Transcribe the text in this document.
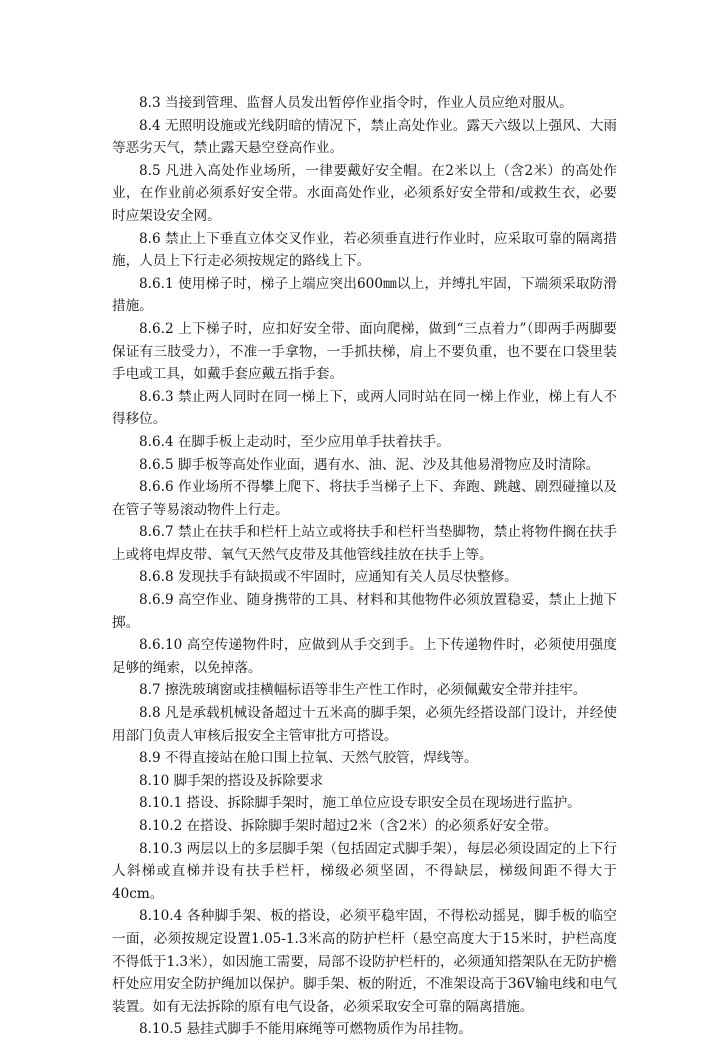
8.3 当接到管理、监督人员发出暂停作业指令时，作业人员应绝对服从。

8.4 无照明设施或光线阴暗的情况下，禁止高处作业。露天六级以上强风、大雨等恶劣天气，禁止露天悬空登高作业。

8.5 凡进入高处作业场所，一律要戴好安全帽。在2米以上（含2米）的高处作业，在作业前必须系好安全带。水面高处作业，必须系好安全带和/或救生衣，必要时应架设安全网。

8.6 禁止上下垂直立体交叉作业，若必须垂直进行作业时，应采取可靠的隔离措施，人员上下行走必须按规定的路线上下。

8.6.1 使用梯子时，梯子上端应突出600㎜以上，并缚扎牢固，下端须采取防滑措施。

8.6.2 上下梯子时，应扣好安全带、面向爬梯，做到“三点着力”（即两手两脚要保证有三肢受力），不准一手拿物，一手抓扶梯，肩上不要负重，也不要在口袋里装手电或工具，如戴手套应戴五指手套。

8.6.3 禁止两人同时在同一梯上下，或两人同时站在同一梯上作业，梯上有人不得移位。

8.6.4 在脚手板上走动时，至少应用单手扶着扶手。

8.6.5 脚手板等高处作业面，遇有水、油、泥、沙及其他易滑物应及时清除。

8.6.6 作业场所不得攀上爬下、将扶手当梯子上下、奔跑、跳越、剧烈碰撞以及在管子等易滚动物件上行走。

8.6.7 禁止在扶手和栏杆上站立或将扶手和栏杆当垫脚物，禁止将物件搁在扶手上或将电焊皮带、氧气天然气皮带及其他管线挂放在扶手上等。

8.6.8 发现扶手有缺损或不牢固时，应通知有关人员尽快整修。

8.6.9 高空作业、随身携带的工具、材料和其他物件必须放置稳妥，禁止上抛下掷。

8.6.10 高空传递物件时，应做到从手交到手。上下传递物件时，必须使用强度足够的绳索，以免掉落。

8.7 擦洗玻璃窗或挂横幅标语等非生产性工作时，必须佩戴安全带并挂牢。

8.8 凡是承载机械设备超过十五米高的脚手架，必须先经搭设部门设计，并经使用部门负责人审核后报安全主管审批方可搭设。

8.9 不得直接站在舱口围上拉氧、天然气胶管，焊线等。

8.10 脚手架的搭设及拆除要求

8.10.1 搭设、拆除脚手架时，施工单位应设专职安全员在现场进行监护。

8.10.2 在搭设、拆除脚手架时超过2米（含2米）的必须系好安全带。

8.10.3 两层以上的多层脚手架（包括固定式脚手架），每层必须设固定的上下行人斜梯或直梯并设有扶手栏杆，梯级必须坚固，不得缺层，梯级间距不得大于40cm。

8.10.4 各种脚手架、板的搭设，必须平稳牢固，不得松动摇晃，脚手板的临空一面，必须按规定设置1.05-1.3米高的防护栏杆（悬空高度大于15米时，护栏高度不得低于1.3米），如因施工需要，局部不设防护栏杆的，必须通知搭架队在无防护檐杆处应用安全防护绳加以保护。脚手架、板的附近，不准架设高于36V输电线和电气装置。如有无法拆除的原有电气设备，必须采取安全可靠的隔离措施。

8.10.5 悬挂式脚手不能用麻绳等可燃物质作为吊挂物。
